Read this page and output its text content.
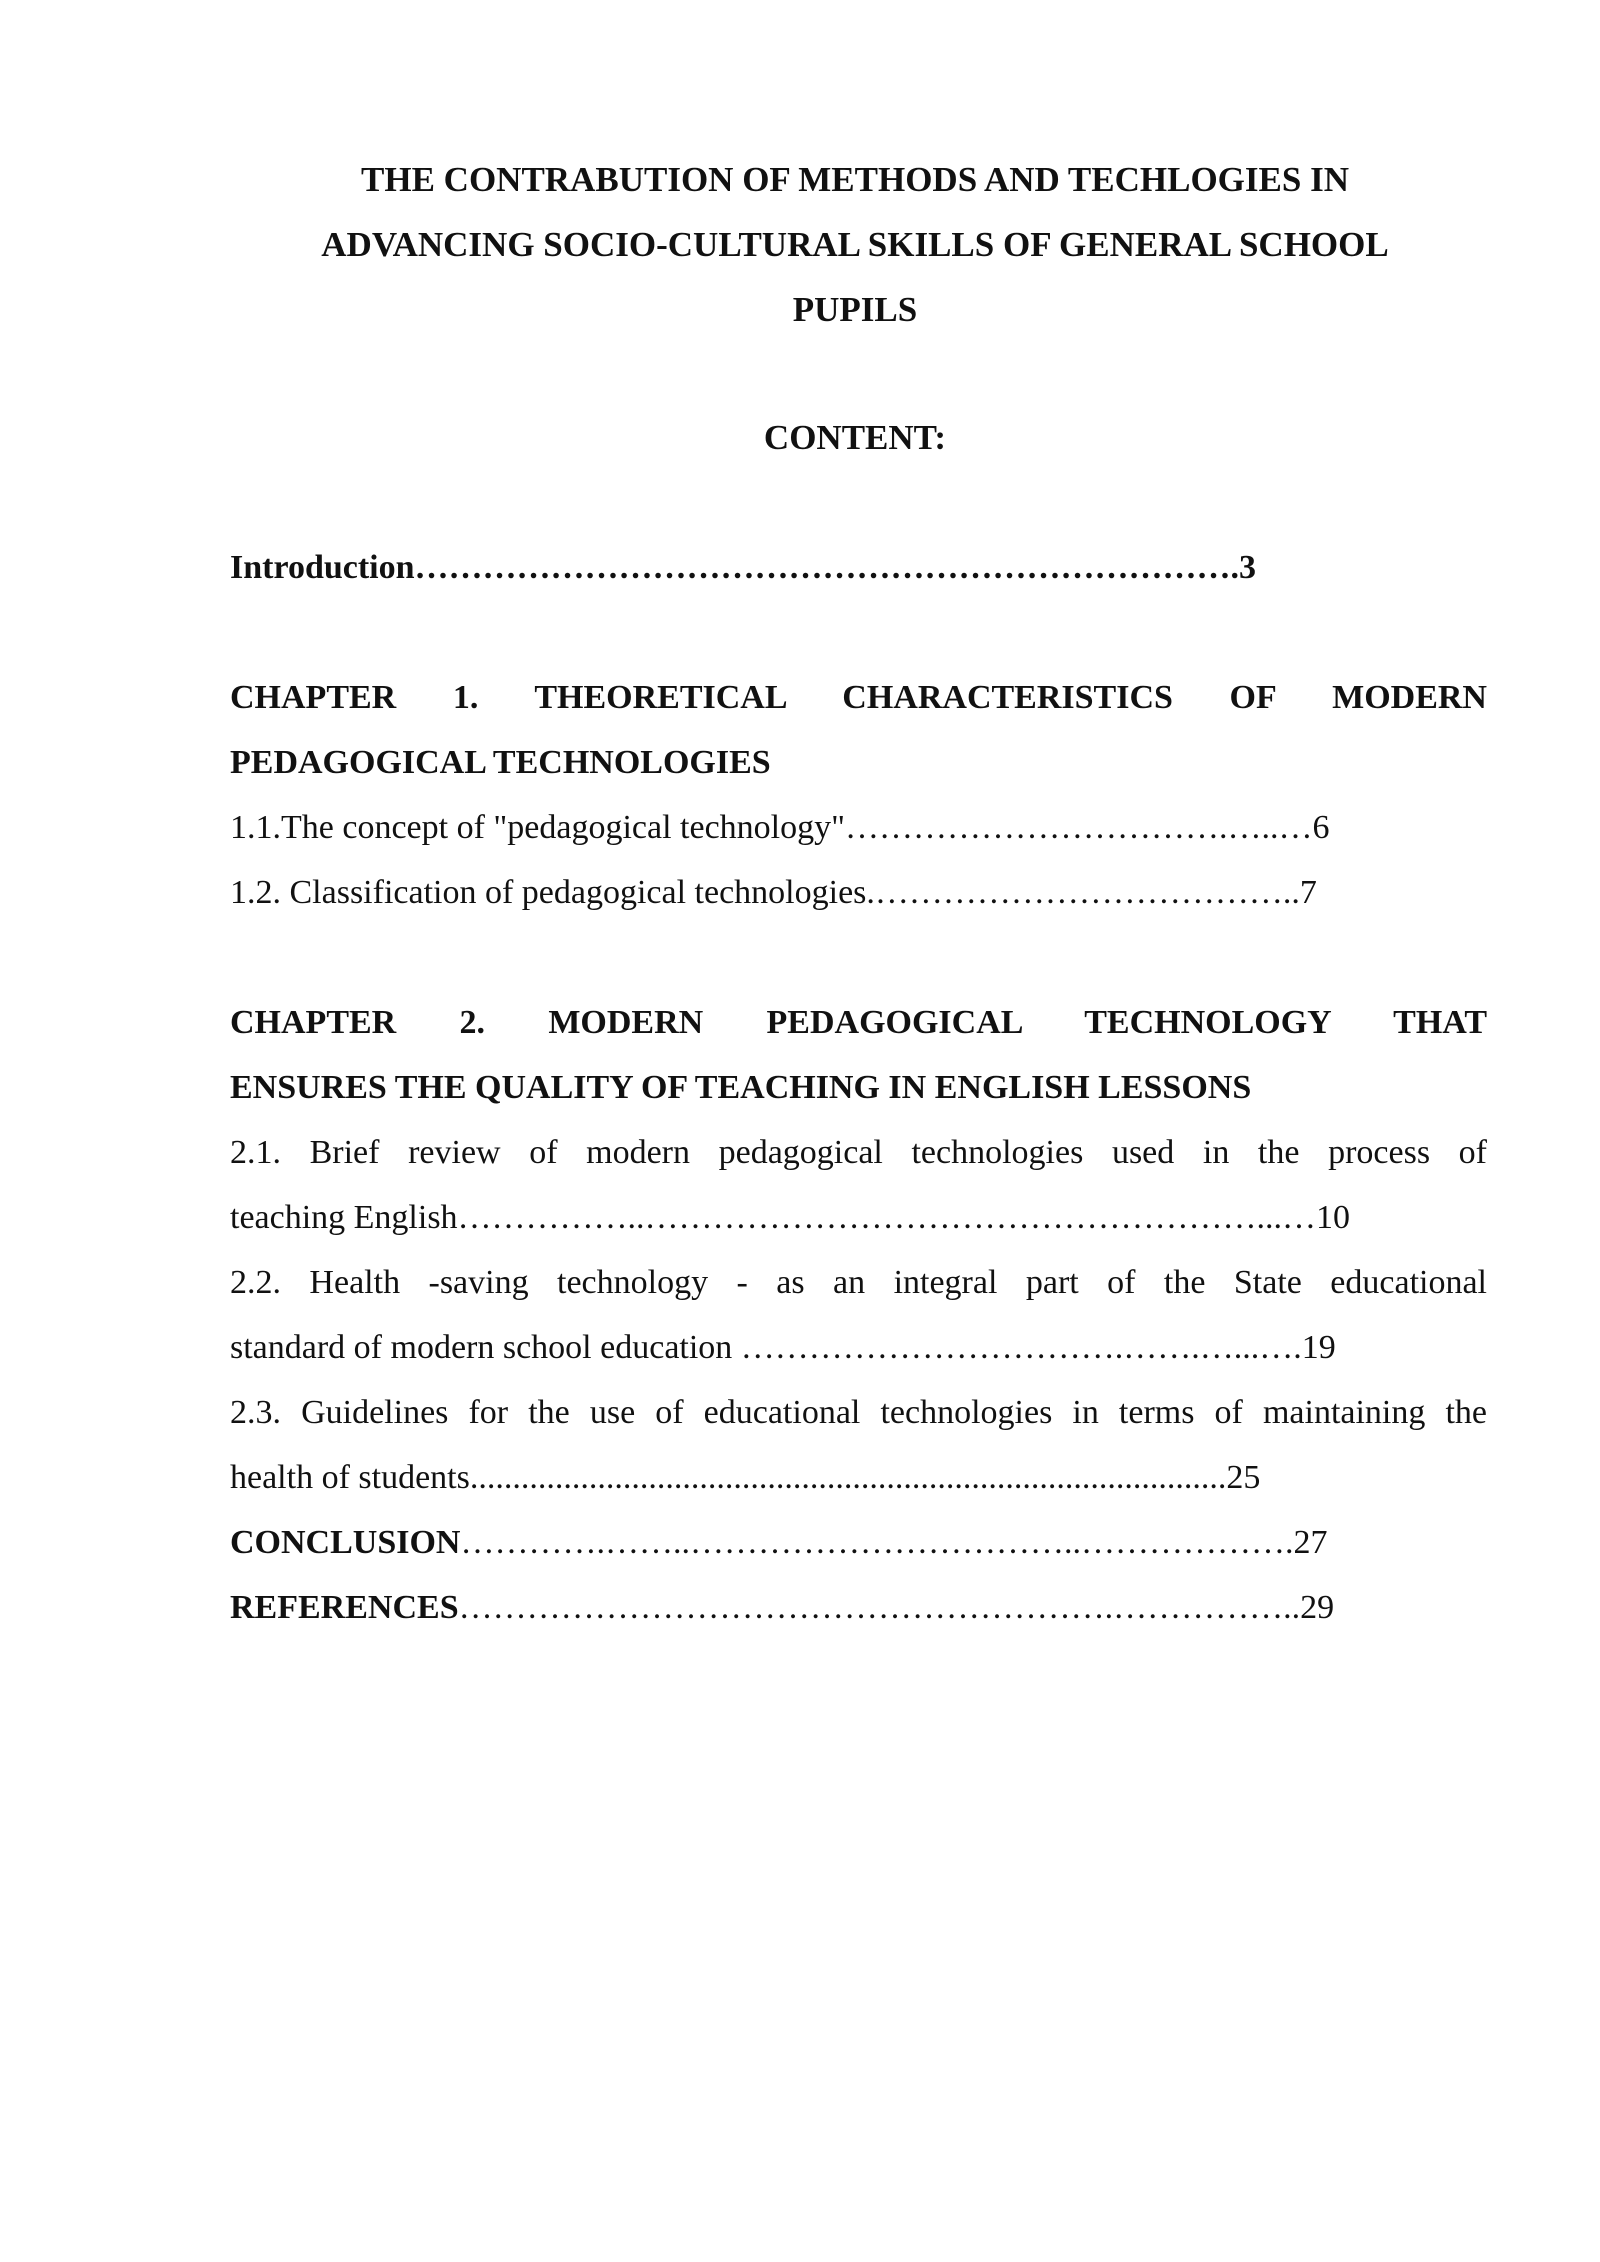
THE CONTRABUTION OF METHODS AND TECHLOGIES IN
ADVANCING SOCIO-CULTURAL SKILLS OF GENERAL SCHOOL
PUPILS
CONTENT:

Introduction……………………………………………………………….3

CHAPTER 1. THEORETICAL CHARACTERISTICS OF MODERN

PEDAGOGICAL TECHNOLOGIES

1.1.The concept of "pedagogical technology"…………………………….…..…6

1.2. Classification of pedagogical technologies.………………………………..7

CHAPTER 2. MODERN PEDAGOGICAL TECHNOLOGY THAT

ENSURES THE QUALITY OF TEACHING IN ENGLISH LESSONS

2.1. Brief review of modern pedagogical technologies used in the process of

teaching English……………..………………………………………………...…10

2.2. Health -saving technology - as an integral part of the State educational

standard of modern school education …………………………….…….…...….19

2.3. Guidelines for the use of educational technologies in terms of maintaining the

health of students.........................................................................................25

CONCLUSION………….……..……………………………..……………….27

REFERENCES………………………………………………….……………..29
